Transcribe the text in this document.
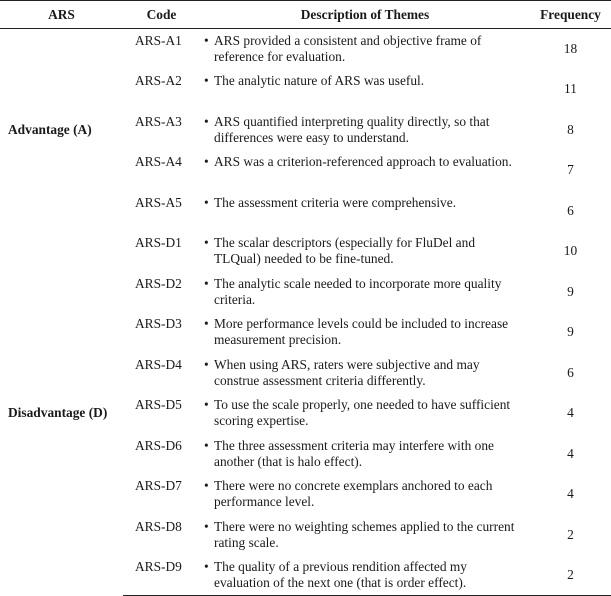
ARS	Code	Description of Themes	Frequency
Advantage (A)	ARS-A1	• ARS provided a consistent and objective frame of reference for evaluation.	18
	ARS-A2	• The analytic nature of ARS was useful.	11
	ARS-A3	• ARS quantified interpreting quality directly, so that differences were easy to understand.	8
	ARS-A4	• ARS was a criterion-referenced approach to evaluation.	7
	ARS-A5	• The assessment criteria were comprehensive.	6
Disadvantage (D)	ARS-D1	• The scalar descriptors (especially for FluDel and TLQual) needed to be fine-tuned.	10
	ARS-D2	• The analytic scale needed to incorporate more quality criteria.	9
	ARS-D3	• More performance levels could be included to increase measurement precision.	9
	ARS-D4	• When using ARS, raters were subjective and may construe assessment criteria differently.	6
	ARS-D5	• To use the scale properly, one needed to have sufficient scoring expertise.	4
	ARS-D6	• The three assessment criteria may interfere with one another (that is halo effect).	4
	ARS-D7	• There were no concrete exemplars anchored to each performance level.	4
	ARS-D8	• There were no weighting schemes applied to the current rating scale.	2
	ARS-D9	• The quality of a previous rendition affected my evaluation of the next one (that is order effect).	2
